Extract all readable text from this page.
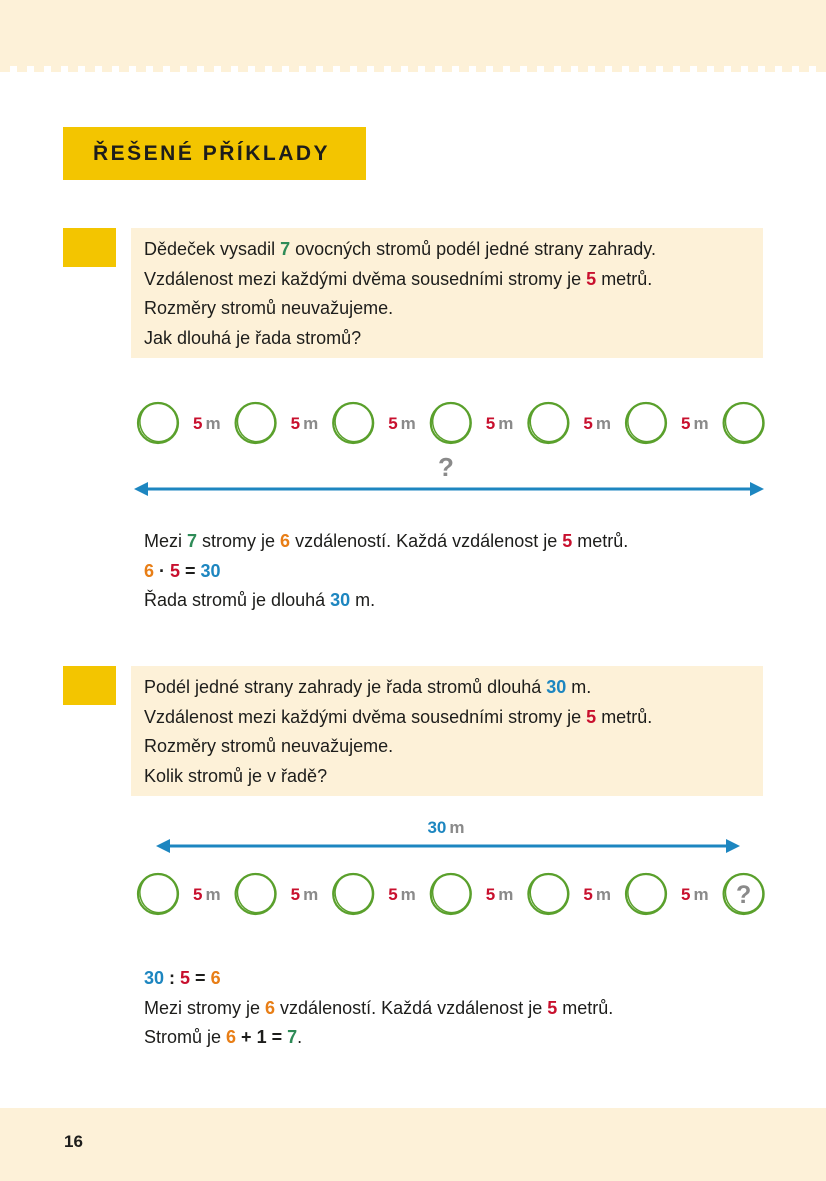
ŘEŠENÉ PŘÍKLADY
Dědeček vysadil 7 ovocných stromů podél jedné strany zahrady.
Vzdálenost mezi každými dvěma sousedními stromy je 5 metrů.
Rozměry stromů neuvažujeme.
Jak dlouhá je řada stromů?
?
5 m	5 m	5 m	5 m	5 m	5 m
Mezi 7 stromy je 6 vzdáleností. Každá vzdálenost je 5 metrů.
6 · 5 = 30
Řada stromů je dlouhá 30 m.
Podél jedné strany zahrady je řada stromů dlouhá 30 m.
Vzdálenost mezi každými dvěma sousedními stromy je 5 metrů.
Rozměry stromů neuvažujeme.
Kolik stromů je v řadě?
30 m
5 m	5 m	5 m	5 m	5 m	5 m ?
30 : 5 = 6
Mezi stromy je 6 vzdáleností. Každá vzdálenost je 5 metrů.
Stromů je 6 + 1 = 7.
16
